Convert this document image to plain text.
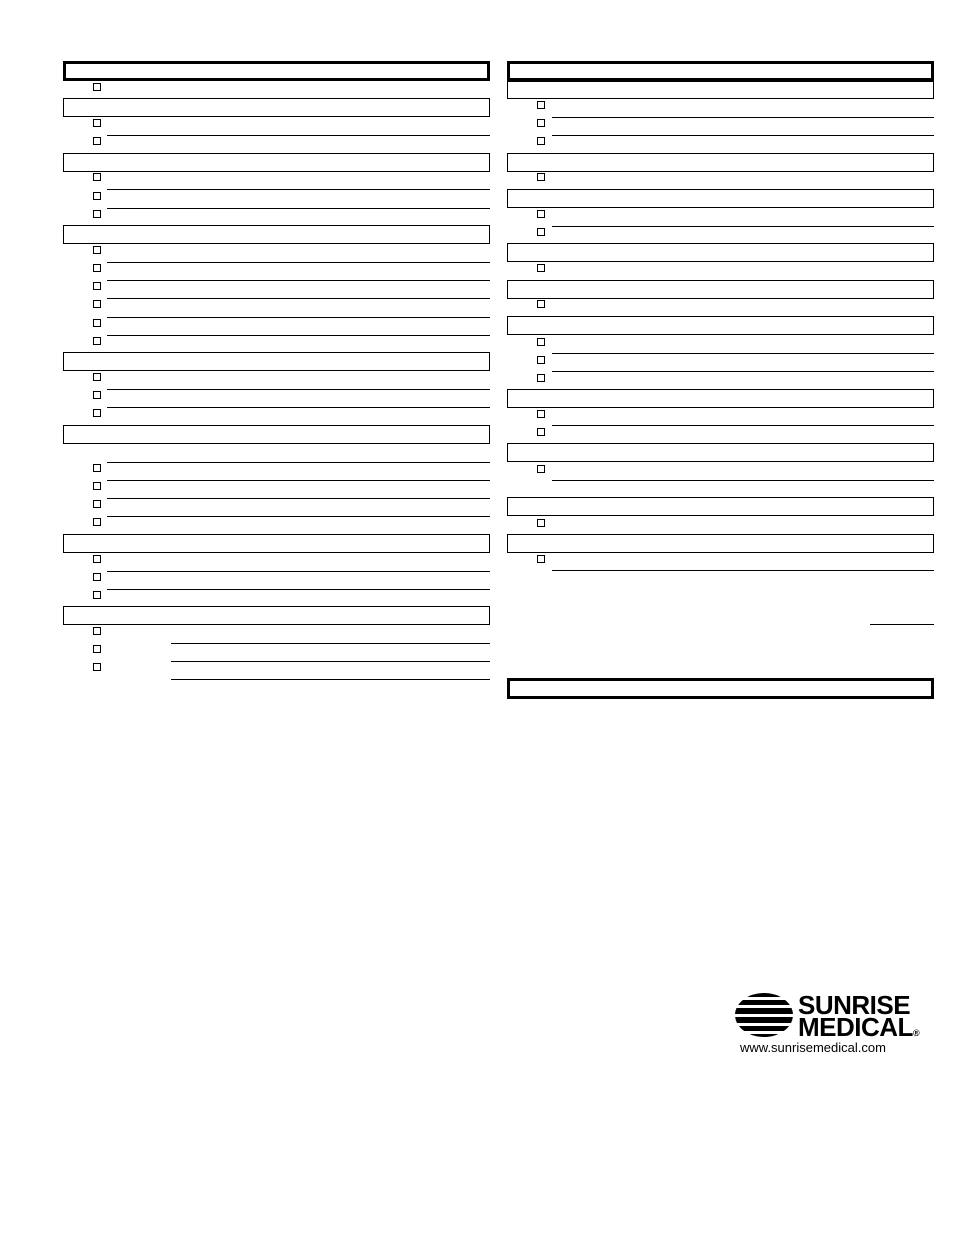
SUNRISE
MEDICAL®
www.sunrisemedical.com
